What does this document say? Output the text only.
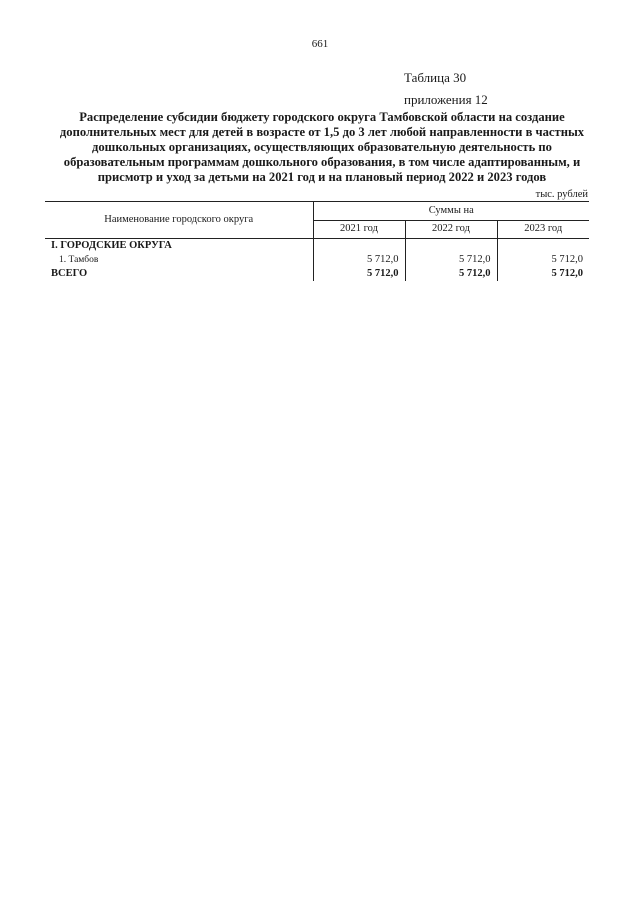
661
Таблица 30
приложения 12
Распределение субсидии бюджету городского округа Тамбовской области на создание дополнительных мест для детей в возрасте от 1,5 до 3 лет любой направленности в частных дошкольных организациях, осуществляющих образовательную деятельность по образовательным программам дошкольного образования, в том числе адаптированным, и присмотр и уход за детьми на 2021 год и на плановый период 2022 и 2023 годов
тыс. рублей
Наименование городского округа	Суммы на		
	2021 год	2022 год	2023 год
I. ГОРОДСКИЕ ОКРУГА			
1. Тамбов	5 712,0	5 712,0	5 712,0
ВСЕГО	5 712,0	5 712,0	5 712,0
